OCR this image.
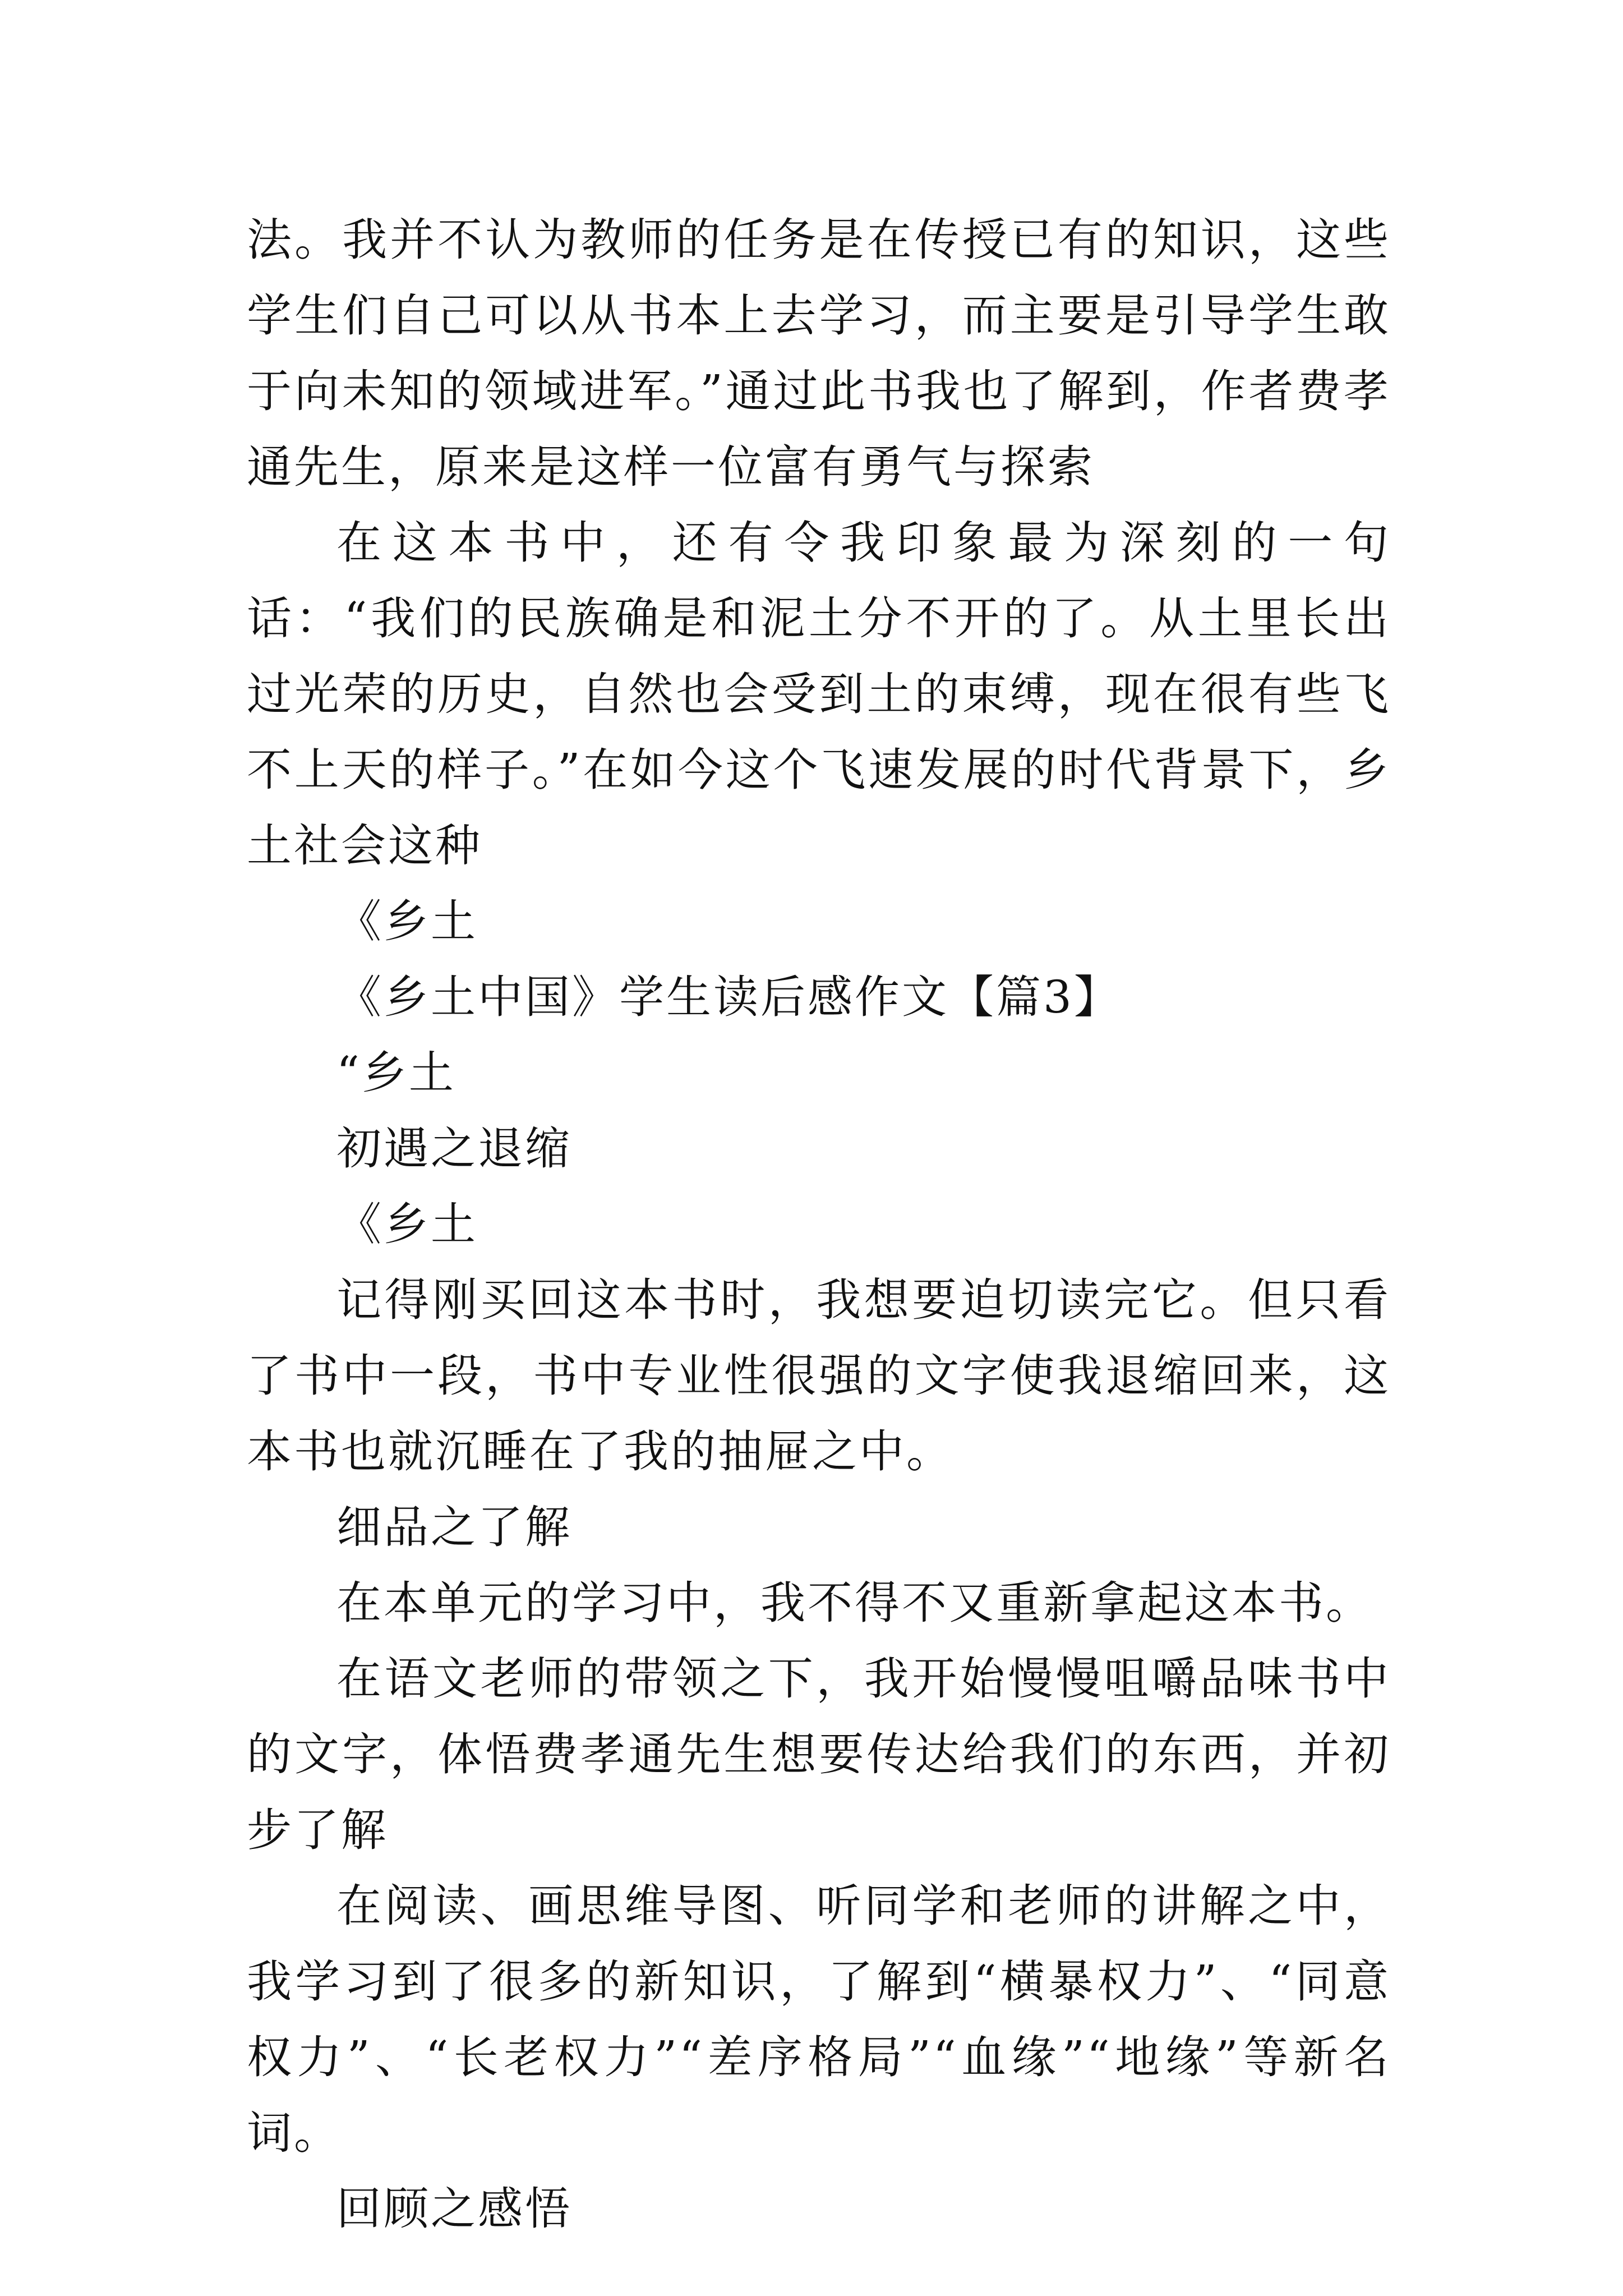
法。我并不认为教师的任务是在传授已有的知识，这些学生们自己可以从书本上去学习，而主要是引导学生敢于向未知的领域进军。”通过此书我也了解到，作者费孝通先生，原来是这样一位富有勇气与探索

在这本书中，还有令我印象最为深刻的一句话：“我们的民族确是和泥土分不开的了。从土里长出过光荣的历史，自然也会受到土的束缚，现在很有些飞不上天的样子。”在如今这个飞速发展的时代背景下，乡土社会这种

《乡土

《乡土中国》学生读后感作文【篇3】

“乡土

初遇之退缩

《乡土

记得刚买回这本书时，我想要迫切读完它。但只看了书中一段，书中专业性很强的文字使我退缩回来，这本书也就沉睡在了我的抽屉之中。

细品之了解

在本单元的学习中，我不得不又重新拿起这本书。

在语文老师的带领之下，我开始慢慢咀嚼品味书中的文字，体悟费孝通先生想要传达给我们的东西，并初步了解

在阅读、画思维导图、听同学和老师的讲解之中，我学习到了很多的新知识，了解到“横暴权力”、“同意权力”、“长老权力”“差序格局”“血缘”“地缘”等新名词。

回顾之感悟
